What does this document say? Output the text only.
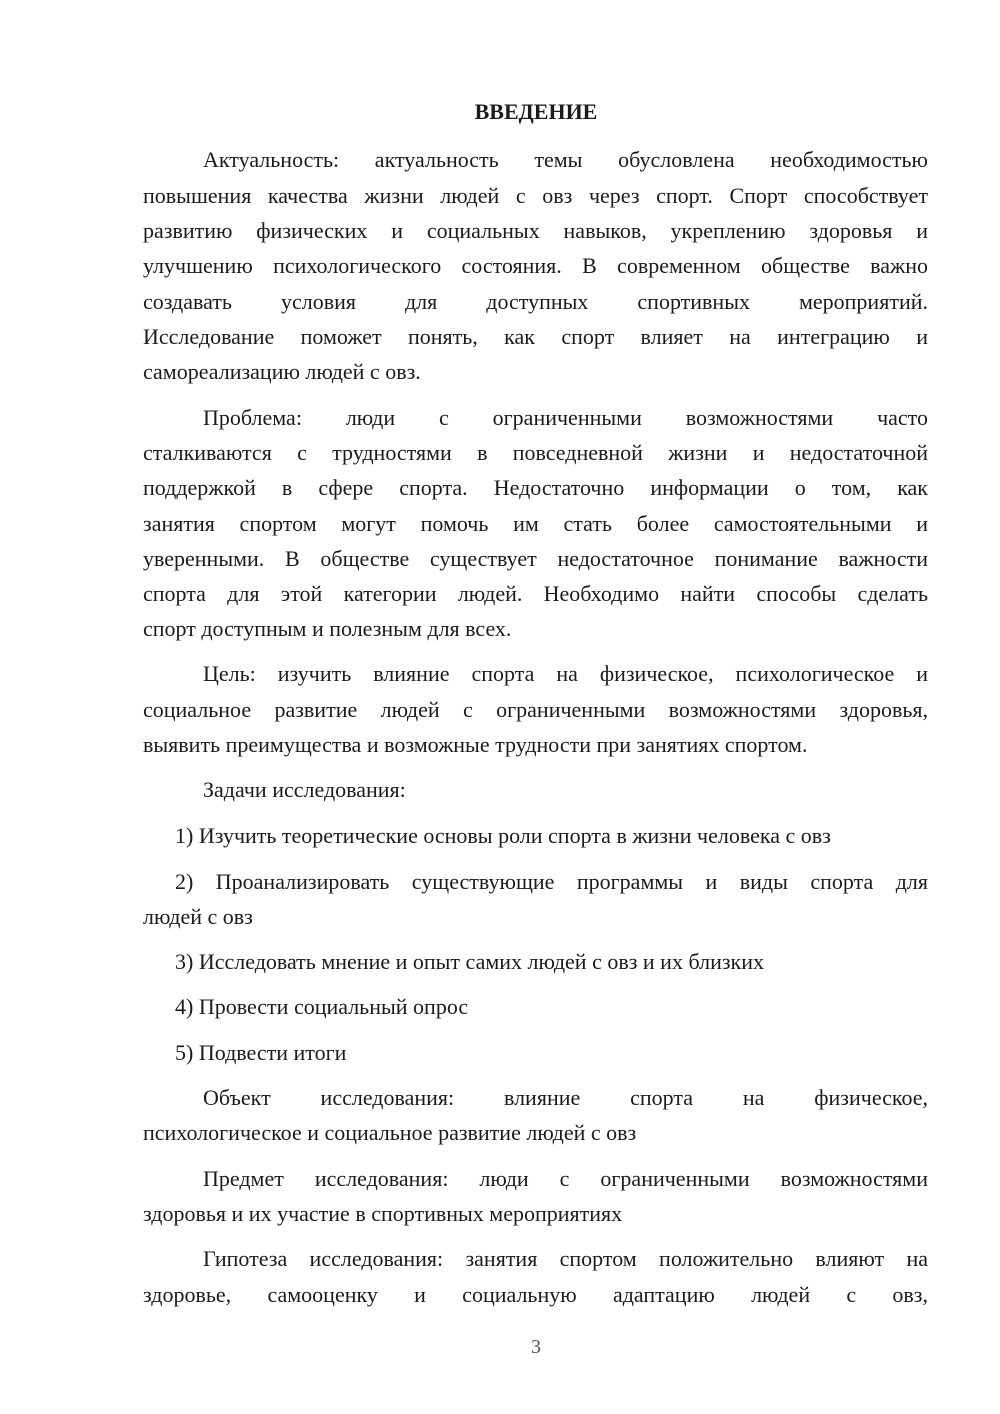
ВВЕДЕНИЕ
Актуальность: актуальность темы обусловлена необходимостью
повышения качества жизни людей с овз через спорт. Спорт способствует
развитию физических и социальных навыков, укреплению здоровья и
улучшению психологического состояния. В современном обществе важно
создавать условия для доступных спортивных мероприятий.
Исследование поможет понять, как спорт влияет на интеграцию и
самореализацию людей с овз.
Проблема: люди с ограниченными возможностями часто
сталкиваются с трудностями в повседневной жизни и недостаточной
поддержкой в сфере спорта. Недостаточно информации о том, как
занятия спортом могут помочь им стать более самостоятельными и
уверенными. В обществе существует недостаточное понимание важности
спорта для этой категории людей. Необходимо найти способы сделать
спорт доступным и полезным для всех.
Цель: изучить влияние спорта на физическое, психологическое и
социальное развитие людей с ограниченными возможностями здоровья,
выявить преимущества и возможные трудности при занятиях спортом.
Задачи исследования:
1) Изучить теоретические основы роли спорта в жизни человека с овз
2) Проанализировать существующие программы и виды спорта для
людей с овз
3) Исследовать мнение и опыт самих людей с овз и их близких
4) Провести социальный опрос
5) Подвести итоги
Объект исследования: влияние спорта на физическое,
психологическое и социальное развитие людей с овз
Предмет исследования: люди с ограниченными возможностями
здоровья и их участие в спортивных мероприятиях
Гипотеза исследования: занятия спортом положительно влияют на
здоровье, самооценку и социальную адаптацию людей с овз,
3
